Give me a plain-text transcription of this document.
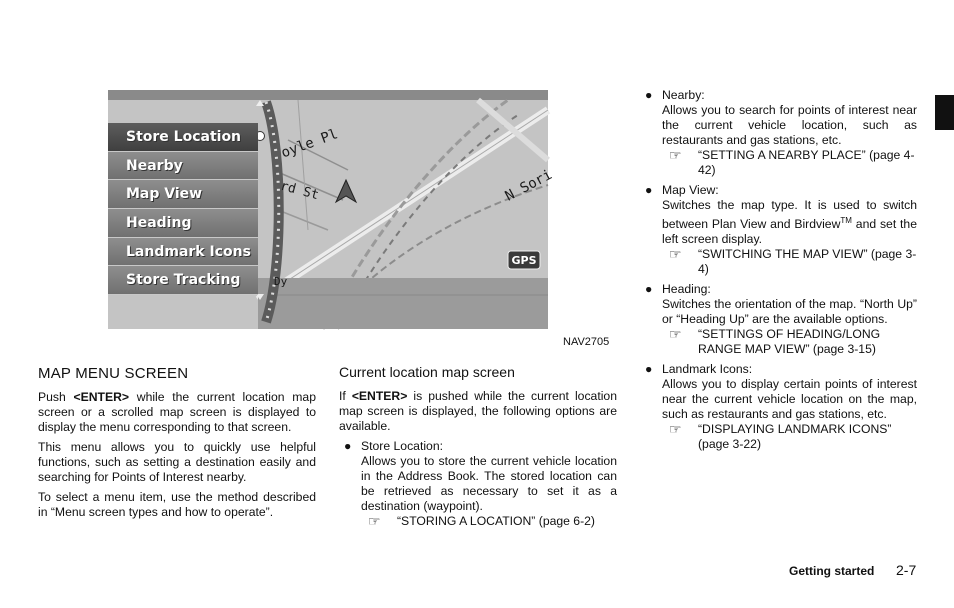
oyle Pl
rd St	N Sori
Dy
GPS
Store Location
Nearby
Map View
Heading
Landmark Icons
Store Tracking
NAV2705
MAP MENU SCREEN

Push <ENTER> while the current location map screen or a scrolled map screen is displayed to display the menu corresponding to that screen.

This menu allows you to quickly use helpful functions, such as setting a destination easily and searching for Points of Interest nearby.

To select a menu item, use the method described in “Menu screen types and how to operate”.

Current location map screen

If <ENTER> is pushed while the current location map screen is displayed, the following options are available.

● Store Location:
Allows you to store the current vehicle location in the Address Book. The stored location can be retrieved as necessary to set it as a destination (waypoint).
☞ “STORING A LOCATION” (page 6-2)
● Nearby:
Allows you to search for points of interest near the current vehicle location, such as restaurants and gas stations, etc.
☞ “SETTING A NEARBY PLACE” (page 4-42)
● Map View:
Switches the map type. It is used to switch between Plan View and Birdview™ and set the left screen display.
☞ “SWITCHING THE MAP VIEW” (page 3-4)
● Heading:
Switches the orientation of the map. “North Up” or “Heading Up” are the available options.
☞ “SETTINGS OF HEADING/LONG RANGE MAP VIEW” (page 3-15)
● Landmark Icons:
Allows you to display certain points of interest near the current vehicle location on the map, such as restaurants and gas stations, etc.
☞ “DISPLAYING LANDMARK ICONS” (page 3-22)
Getting started 2-7
